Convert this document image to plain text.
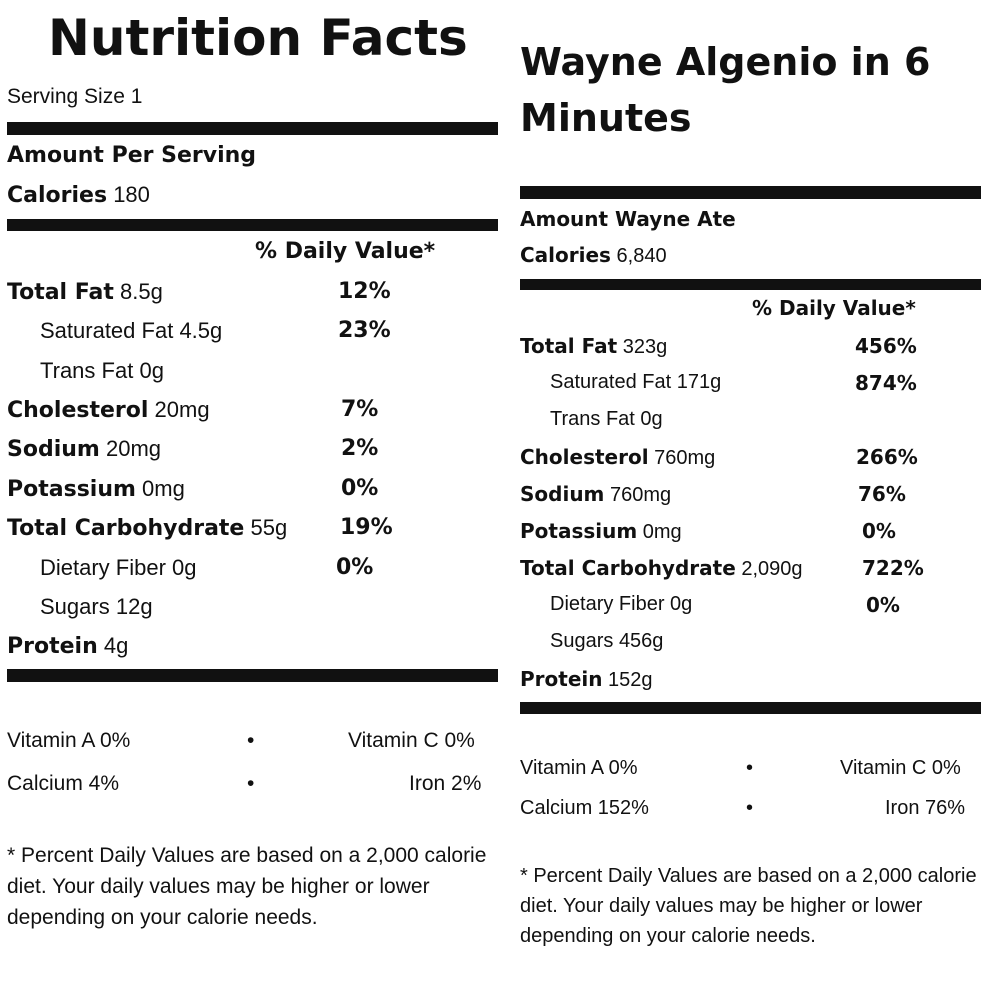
Nutrition Facts
Serving Size 1
Amount Per Serving
Calories 180
% Daily Value*
Total Fat 8.5g	12%
Saturated Fat 4.5g	23%
Trans Fat 0g
Cholesterol 20mg	7%
Sodium 20mg	2%
Potassium 0mg	0%
Total Carbohydrate 55g 19%
Dietary Fiber 0g	0%
Sugars 12g
Protein 4g
Vitamin A 0%	•	Vitamin C 0%
Calcium 4%	•	Iron 2%
* Percent Daily Values are based on a 2,000 calorie diet. Your daily values may be higher or lower depending on your calorie needs.
Wayne Algenio in 6 Minutes
Amount Wayne Ate
Calories 6,840
% Daily Value*
Total Fat 323g	456%
Saturated Fat 171g	874%
Trans Fat 0g
Cholesterol 760mg	266%
Sodium 760mg	76%
Potassium 0mg	0%
Total Carbohydrate 2,090g	722%
Dietary Fiber 0g	0%
Sugars 456g
Protein 152g
Vitamin A 0%	•	Vitamin C 0%
Calcium 152%	•	Iron 76%
* Percent Daily Values are based on a 2,000 calorie diet. Your daily values may be higher or lower depending on your calorie needs.
